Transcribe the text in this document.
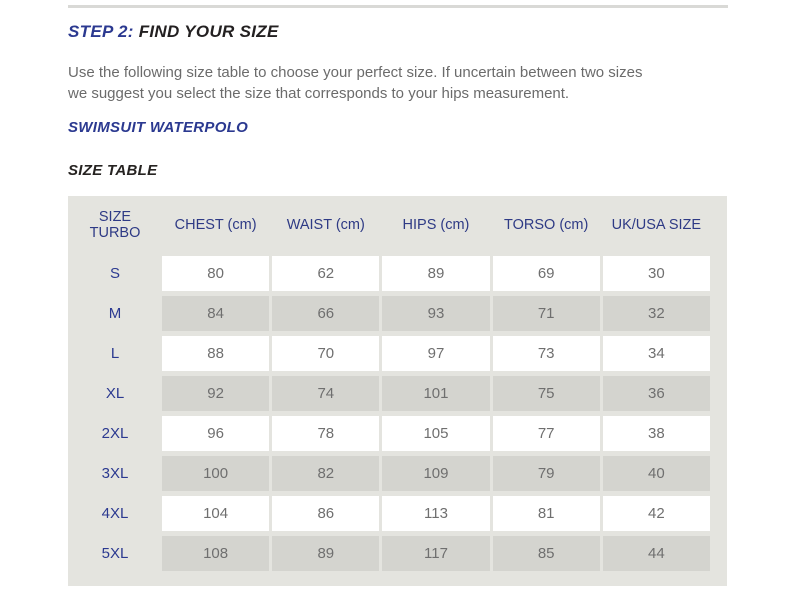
STEP 2: FIND YOUR SIZE

Use the following size table to choose your perfect size. If uncertain between two sizes
we suggest you select the size that corresponds to your hips measurement.

SWIMSUIT WATERPOLO
SIZE TABLE
SIZE
TURBO	CHEST (cm)	WAIST (cm)	HIPS (cm)	TORSO (cm)	UK/USA SIZE
S	80	62	89	69	30
M	84	66	93	71	32
L	88	70	97	73	34
XL	92	74	101	75	36
2XL	96	78	105	77	38
3XL	100	82	109	79	40
4XL	104	86	113	81	42
5XL	108	89	117	85	44
